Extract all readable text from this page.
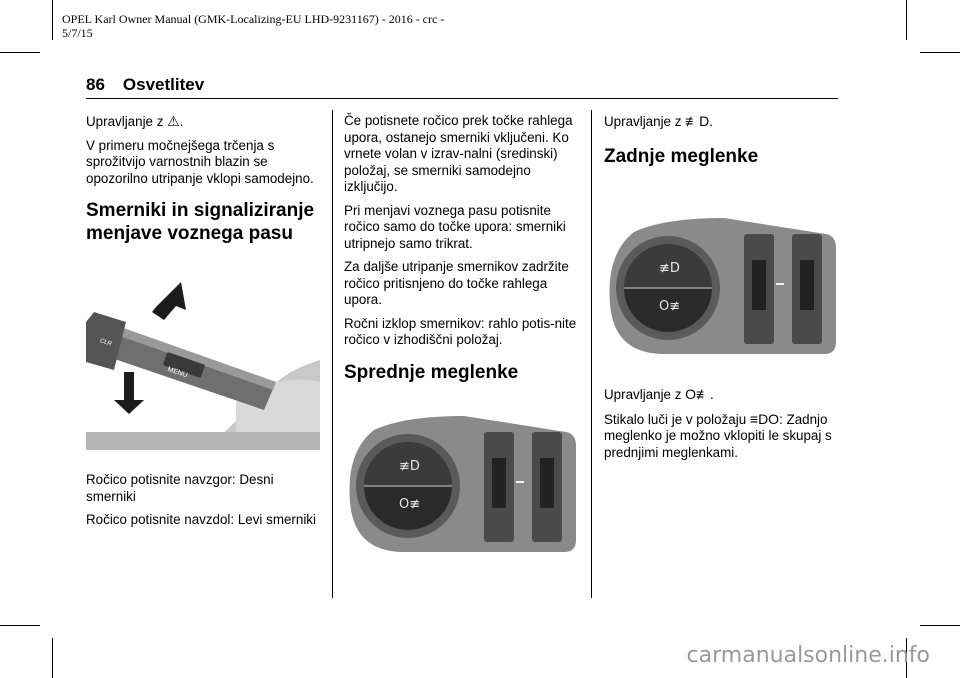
OPEL Karl Owner Manual (GMK-Localizing-EU LHD-9231167) - 2016 - crc -
5/7/15
86 Osvetlitev

Upravljanje z ⚠.

V primeru močnejšega trčenja s sprožitvijo varnostnih blazin se opozorilno utripanje vklopi samodejno.

Smerniki in signaliziranje menjave voznega pasu
MENU
CLR

Ročico potisnite navzgor: Desni smerniki

Ročico potisnite navzdol: Levi smerniki

Če potisnete ročico prek točke rahlega upora, ostanejo smerniki vključeni. Ko vrnete volan v izrav-nalni (sredinski) položaj, se smerniki samodejno izključijo.

Pri menjavi voznega pasu potisnite ročico samo do točke upora: smerniki utripnejo samo trikrat.

Za daljše utripanje smernikov zadržite ročico pritisnjeno do točke rahlega upora.

Ročni izklop smernikov: rahlo potis-nite ročico v izhodiščni položaj.

Sprednje meglenke
≢D
O≢

Upravljanje z ≢D.

Zadnje meglenke
≢D
O≢

Upravljanje z O≢.

Stikalo luči je v položaju ≡DO: Zadnjo meglenko je možno vklopiti le skupaj s prednjimi meglenkami.

carmanualsonline.info
